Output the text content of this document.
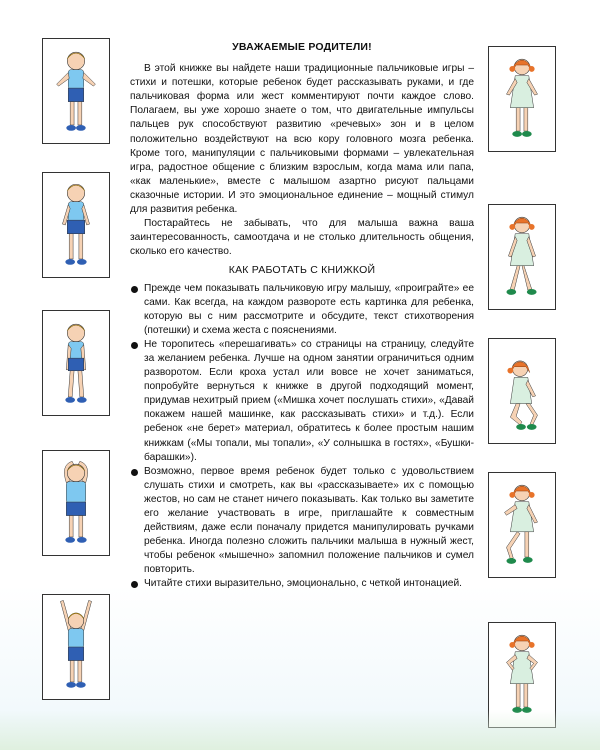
УВАЖАЕМЫЕ РОДИТЕЛИ!

В этой книжке вы найдете наши традиционные пальчиковые игры – стихи и потешки, которые ребенок будет рассказывать руками, и где пальчиковая форма или жест комментируют почти каждое слово. Полагаем, вы уже хорошо знаете о том, что двигательные импульсы пальцев рук способствуют развитию «речевых» зон и в целом положительно воздействуют на всю кору головного мозга ребенка. Кроме того, манипуляции с пальчиковыми формами – увлекательная игра, радостное общение с близким взрослым, когда мама или папа, «как маленькие», вместе с малышом азартно рисуют пальцами сказочные истории. И это эмоциональное единение – мощный стимул для развития ребенка.

Постарайтесь не забывать, что для малыша важна ваша заинтересованность, самоотдача и не столько длительность общения, сколько его качество.

КАК РАБОТАТЬ С КНИЖКОЙ
Прежде чем показывать пальчиковую игру малышу, «проиграйте» ее сами. Как всегда, на каждом развороте есть картинка для ребенка, которую вы с ним рассмотрите и обсудите, текст стихотворения (потешки) и схема жеста с пояснениями.
Не торопитесь «перешагивать» со страницы на страницу, следуйте за желанием ребенка. Лучше на одном занятии ограничиться одним разворотом. Если кроха устал или вовсе не хочет заниматься, попробуйте вернуться к книжке в другой подходящий момент, придумав нехитрый прием («Мишка хочет послушать стихи», «Давай покажем нашей машинке, как рассказывать стихи» и т.д.). Если ребенок «не берет» материал, обратитесь к более простым нашим книжкам («Мы топали, мы топали», «У солнышка в гостях», «Бушки-барашки»).
Возможно, первое время ребенок будет только с удовольствием слушать стихи и смотреть, как вы «рассказываете» их с помощью жестов, но сам не станет ничего показывать. Как только вы заметите его желание участвовать в игре, приглашайте к совместным действиям, даже если поначалу придется манипулировать ручками ребенка. Иногда полезно сложить пальчики малыша в нужный жест, чтобы ребенок «мышечно» запомнил положение пальчиков и сумел повторить.
Читайте стихи выразительно, эмоционально, с четкой интонацией.
